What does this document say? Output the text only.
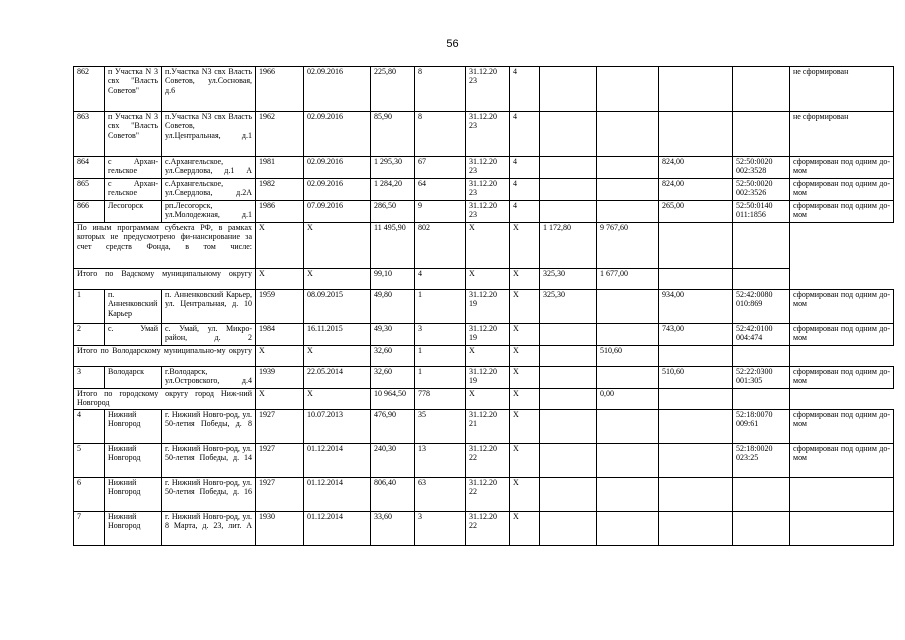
56
862	п Участка N 3 свх "Власть Советов"	п.Участка N3 свх Власть Советов, ул.Сосновая, д.6	1966	02.09.2016	225,80	8	31.12.20 23	4					не сформирован
863	п Участка N 3 свх "Власть Советов"	п.Участка N3 свх Власть Советов, ул.Центральная, д.1	1962	02.09.2016	85,90	8	31.12.20 23	4					не сформирован
864	с Архан-гельское	с.Архангельское, ул.Свердлова, д.1 А	1981	02.09.2016	1 295,30	67	31.12.20 23	4			824,00	52:50:0020 002:3528	сформирован под одним до-мом
865	с Архан-гельское	с.Архангельское, ул.Свердлова, д.2А	1982	02.09.2016	1 284,20	64	31.12.20 23	4			824,00	52:50:0020 002:3526	сформирован под одним до-мом
866	Лесогорск	рп.Лесогорск, ул.Молодежная, д.1	1986	07.09.2016	286,50	9	31.12.20 23	4			265,00	52:50:0140 011:1856	сформирован под одним до-мом
По иным программам субъекта РФ, в рамках которых не предусмотрено фи-нансирование за счет средств Фонда, в том числе:			X	X	11 495,90	802	X	X	1 172,80	9 767,60			
Итого по Вадскому муниципальному округу			X	X	99,10	4	X	X	325,30	1 677,00			
1	п. Анненковский Карьер	п. Анненковский Карьер, ул. Центральная, д. 10	1959	08.09.2015	49,80	1	31.12.20 19	X	325,30		934,00	52:42:0080 010:869	сформирован под одним до-мом
2	с. Умай	с. Умай, ул. Микро-район, д. 2	1984	16.11.2015	49,30	3	31.12.20 19	X			743,00	52:42:0100 004:474	сформирован под одним до-мом
Итого по Володарскому муниципально-му округу			X	X	32,60	1	X	X		510,60			
3	Володарск	г.Володарск, ул.Островского, д.4	1939	22.05.2014	32,60	1	31.12.20 19	X			510,60	52:22:0300 001:305	сформирован под одним до-мом
Итого по городскому округу город Ниж-ний Новгород			X	X	10 964,50	778	X	X		0,00			
4	Нижний Новгород	г. Нижний Новго-род, ул. 50-летия Победы, д. 8	1927	10.07.2013	476,90	35	31.12.20 21	X				52:18:0070 009:61	сформирован под одним до-мом
5	Нижний Новгород	г. Нижний Новго-род, ул. 50-летия Победы, д. 14	1927	01.12.2014	240,30	13	31.12.20 22	X				52:18:0020 023:25	сформирован под одним до-мом
6	Нижний Новгород	г. Нижний Новго-род, ул. 50-летия Победы, д. 16	1927	01.12.2014	806,40	63	31.12.20 22	X					
7	Нижний Новгород	г. Нижний Новго-род, ул. 8 Марта, д. 23, лит. А	1930	01.12.2014	33,60	3	31.12.20 22	X					
